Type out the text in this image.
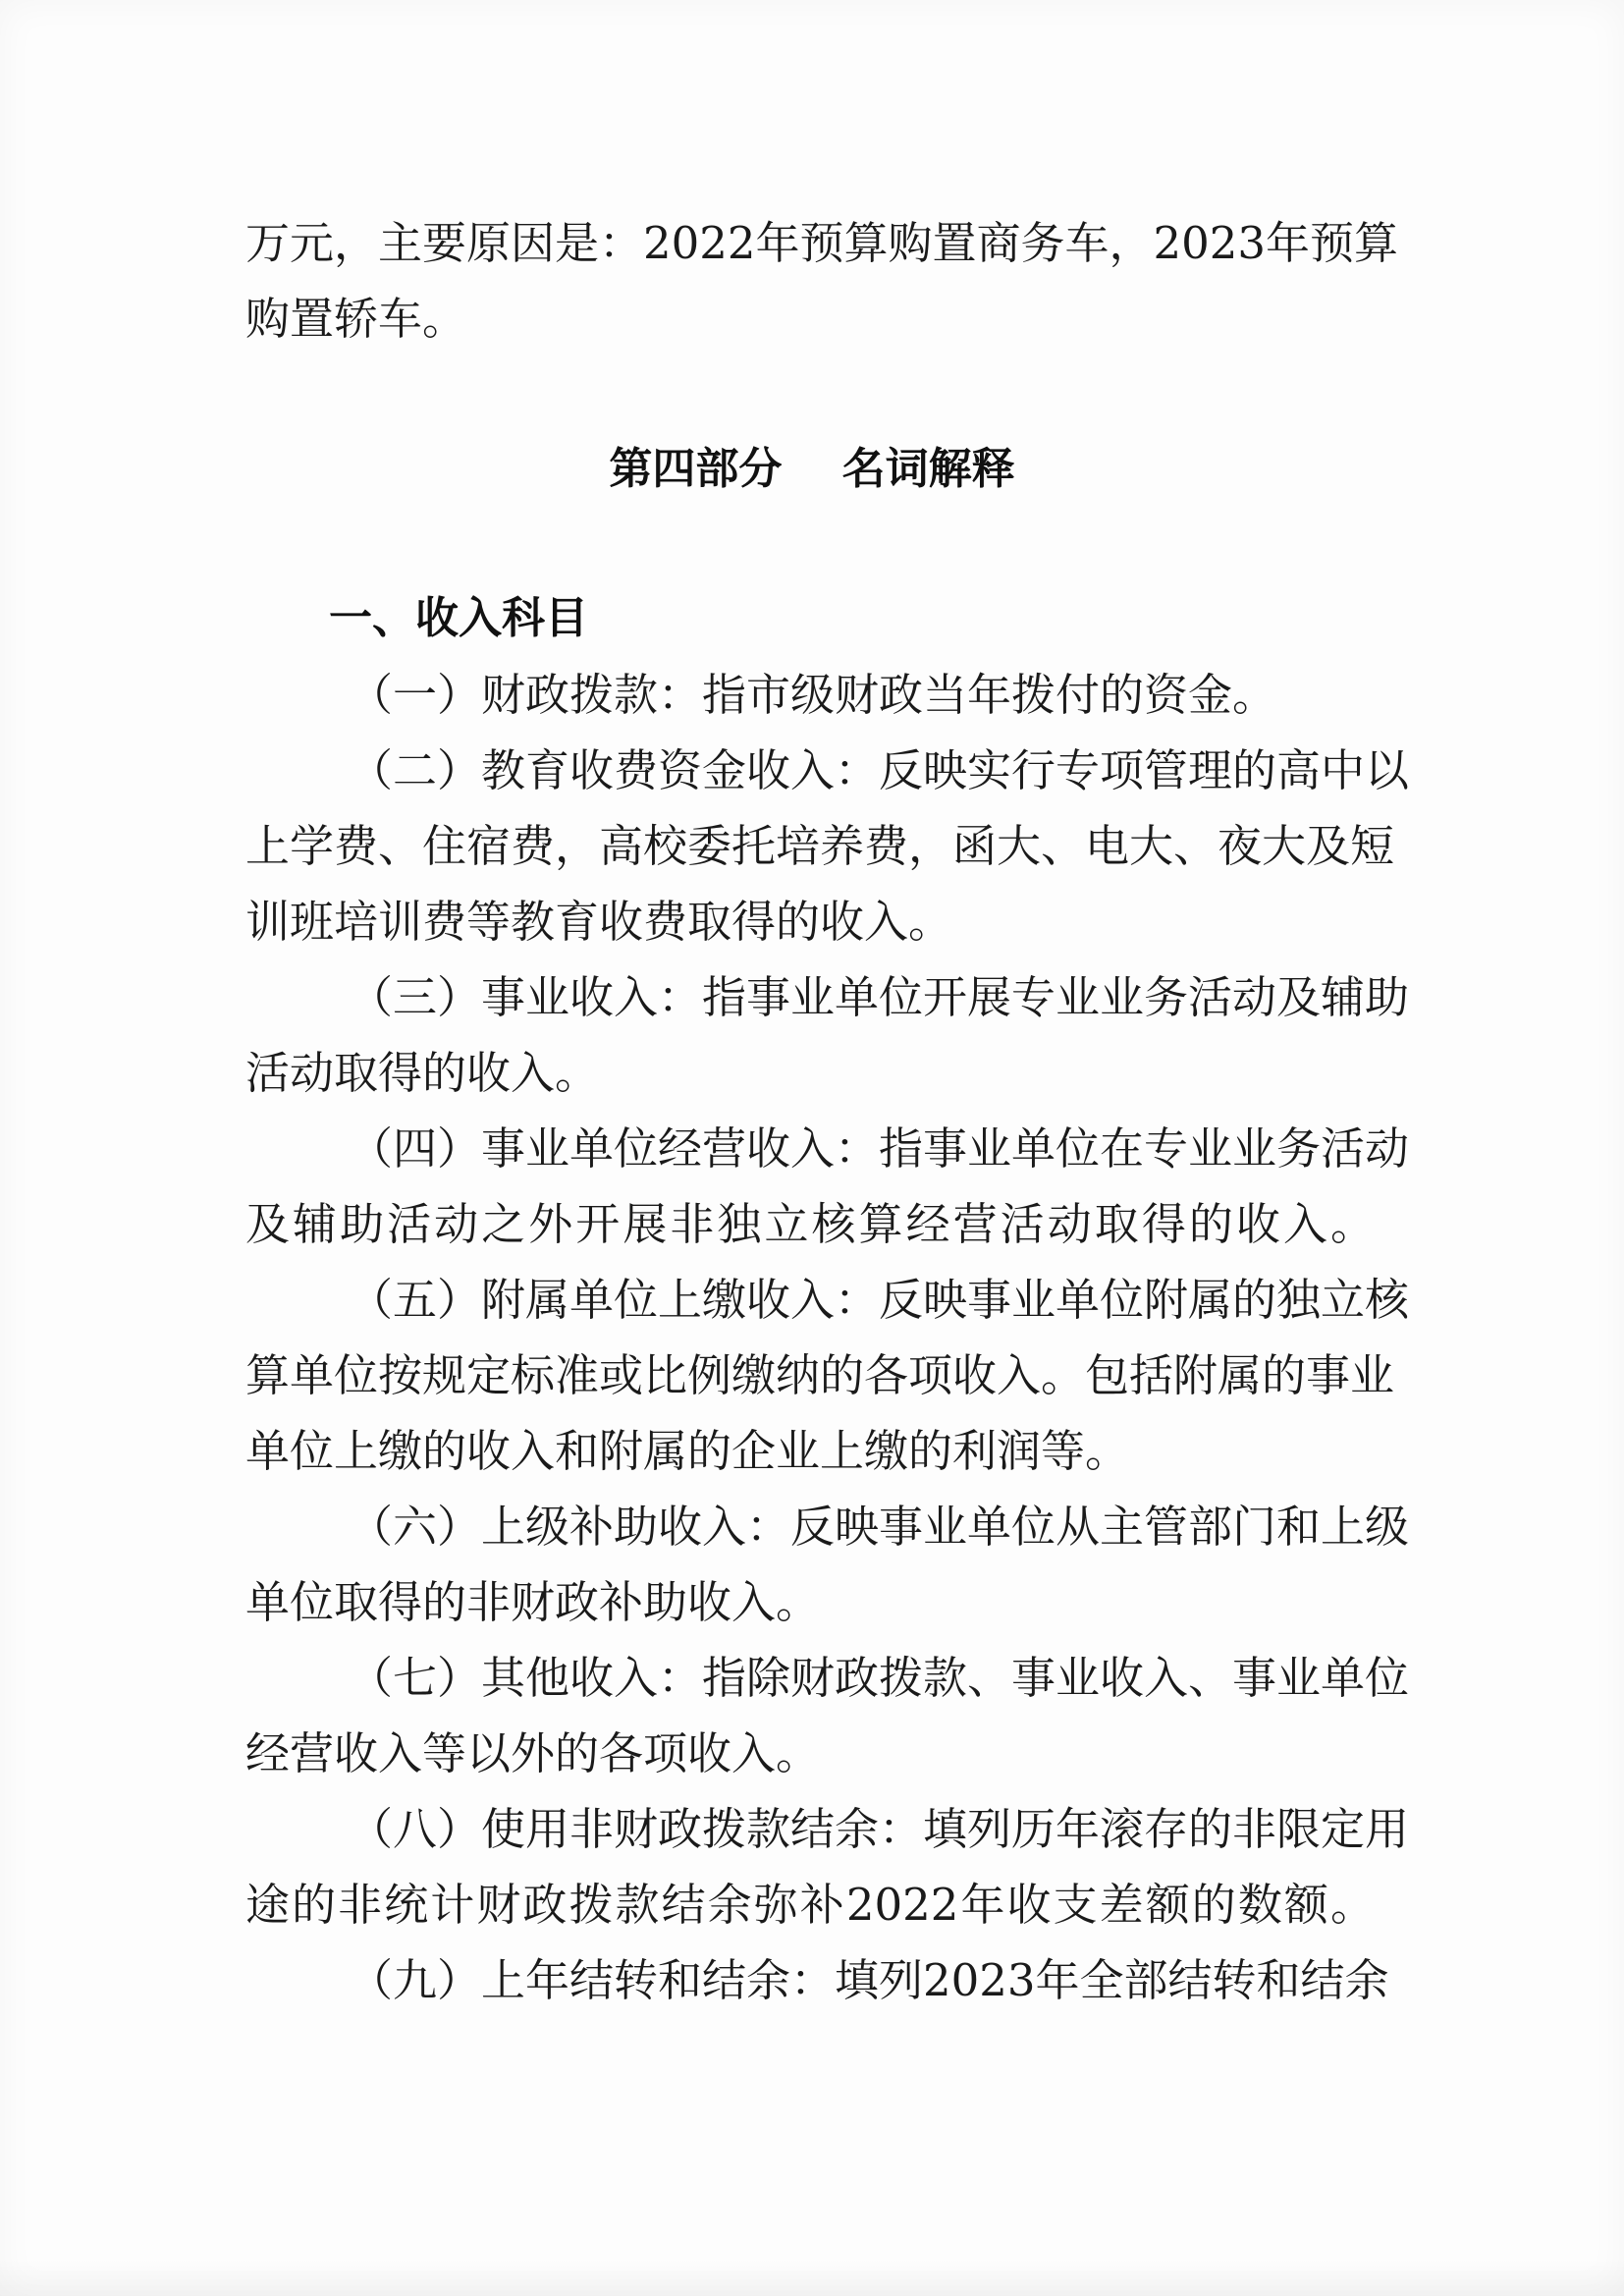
万元，主要原因是：2022年预算购置商务车，2023年预算
购置轿车。
第四部分    名词解释
一、收入科目
（一）财政拨款：指市级财政当年拨付的资金。
（二）教育收费资金收入：反映实行专项管理的高中以
上学费、住宿费，高校委托培养费，函大、电大、夜大及短
训班培训费等教育收费取得的收入。
（三）事业收入：指事业单位开展专业业务活动及辅助
活动取得的收入。
（四）事业单位经营收入：指事业单位在专业业务活动
及辅助活动之外开展非独立核算经营活动取得的收入。
（五）附属单位上缴收入：反映事业单位附属的独立核
算单位按规定标准或比例缴纳的各项收入。包括附属的事业
单位上缴的收入和附属的企业上缴的利润等。
（六）上级补助收入：反映事业单位从主管部门和上级
单位取得的非财政补助收入。
（七）其他收入：指除财政拨款、事业收入、事业单位
经营收入等以外的各项收入。
（八）使用非财政拨款结余：填列历年滚存的非限定用
途的非统计财政拨款结余弥补2022年收支差额的数额。
（九）上年结转和结余：填列2023年全部结转和结余
